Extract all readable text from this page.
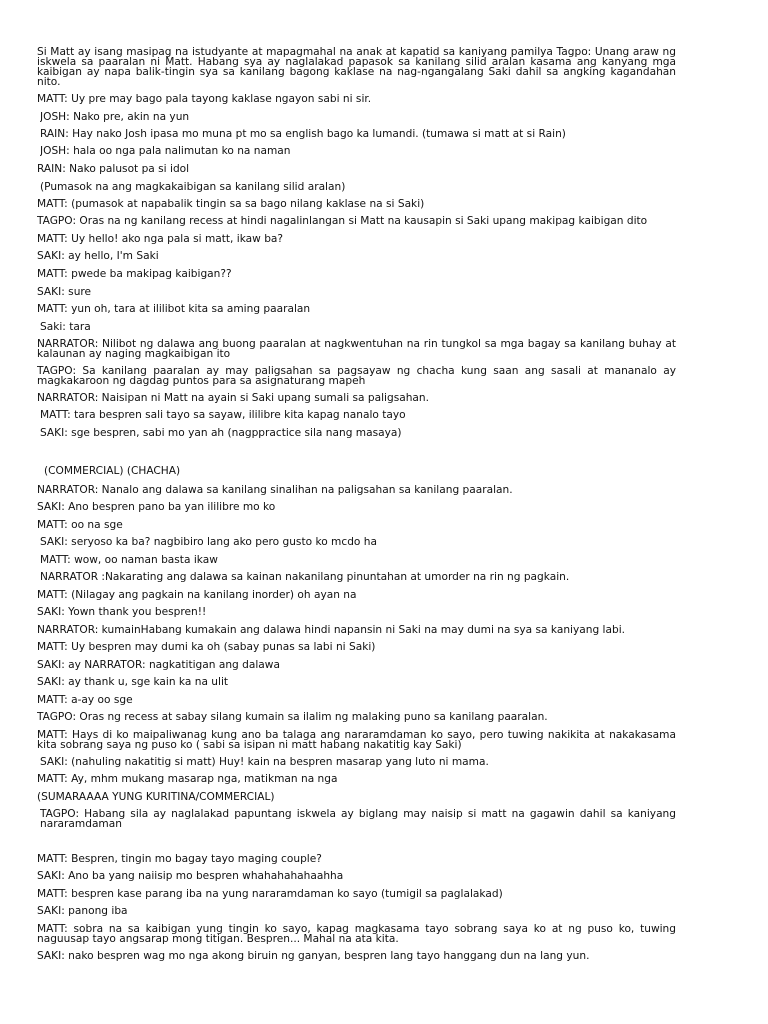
Si Matt ay isang masipag na istudyante at mapagmahal na anak at kapatid sa kaniyang pamilya Tagpo: Unang araw ng iskwela sa paaralan ni Matt. Habang sya ay naglalakad papasok sa kanilang silid aralan kasama ang kanyang mga kaibigan ay napa balik-tingin sya sa kanilang bagong kaklase na nag-ngangalang Saki dahil sa angking kagandahan nito.
MATT: Uy pre may bago pala tayong kaklase ngayon sabi ni sir.
JOSH: Nako pre, akin na yun
RAIN: Hay nako Josh ipasa mo muna pt mo sa english bago ka lumandi. (tumawa si matt at si Rain)
JOSH: hala oo nga pala nalimutan ko na naman
RAIN: Nako palusot pa si idol
(Pumasok na ang magkakaibigan sa kanilang silid aralan)
MATT: (pumasok at napabalik tingin sa sa bago nilang kaklase na si Saki)
TAGPO: Oras na ng kanilang recess at hindi nagalinlangan si Matt na kausapin si Saki upang makipag kaibigan dito
MATT: Uy hello! ako nga pala si matt, ikaw ba?
SAKI: ay hello, I'm Saki
MATT: pwede ba makipag kaibigan??
SAKI: sure
MATT: yun oh, tara at ililibot kita sa aming paaralan
Saki: tara
NARRATOR: Nilibot ng dalawa ang buong paaralan at nagkwentuhan na rin tungkol sa mga bagay sa kanilang buhay at kalaunan ay naging magkaibigan ito
TAGPO: Sa kanilang paaralan ay may paligsahan sa pagsayaw ng chacha kung saan ang sasali at mananalo ay magkakaroon ng dagdag puntos para sa asignaturang mapeh
NARRATOR: Naisipan ni Matt na ayain si Saki upang sumali sa paligsahan.
MATT: tara bespren sali tayo sa sayaw, ililibre kita kapag nanalo tayo
SAKI: sge bespren, sabi mo yan ah (nagppractice sila nang masaya)
(COMMERCIAL) (CHACHA)
NARRATOR: Nanalo ang dalawa sa kanilang sinalihan na paligsahan sa kanilang paaralan.
SAKI: Ano bespren pano ba yan ililibre mo ko
MATT: oo na sge
SAKI: seryoso ka ba? nagbibiro lang ako pero gusto ko mcdo ha
MATT: wow, oo naman basta ikaw
NARRATOR :Nakarating ang dalawa sa kainan nakanilang pinuntahan at umorder na rin ng pagkain.
MATT: (Nilagay ang pagkain na kanilang inorder) oh ayan na
SAKI: Yown thank you bespren!!
NARRATOR: kumainHabang kumakain ang dalawa hindi napansin ni Saki na may dumi na sya sa kaniyang labi.
MATT: Uy bespren may dumi ka oh (sabay punas sa labi ni Saki)
SAKI: ay NARRATOR: nagkatitigan ang dalawa
SAKI: ay thank u, sge kain ka na ulit
MATT: a-ay oo sge
TAGPO: Oras ng recess at sabay silang kumain sa ilalim ng malaking puno sa kanilang paaralan.
MATT: Hays di ko maipaliwanag kung ano ba talaga ang nararamdaman ko sayo, pero tuwing nakikita at nakakasama kita sobrang saya ng puso ko ( sabi sa isipan ni matt habang nakatitig kay Saki)
SAKI: (nahuling nakatitig si matt) Huy! kain na bespren masarap yang luto ni mama.
MATT: Ay, mhm mukang masarap nga, matikman na nga
(SUMARAAAA YUNG KURITINA/COMMERCIAL)
TAGPO: Habang sila ay naglalakad papuntang iskwela ay biglang may naisip si matt na gagawin dahil sa kaniyang nararamdaman
MATT: Bespren, tingin mo bagay tayo maging couple?
SAKI: Ano ba yang naiisip mo bespren whahahahahaahha
MATT: bespren kase parang iba na yung nararamdaman ko sayo (tumigil sa paglalakad)
SAKI: panong iba
MATT: sobra na sa kaibigan yung tingin ko sayo, kapag magkasama tayo sobrang saya ko at ng puso ko, tuwing naguusap tayo angsarap mong titigan. Bespren... Mahal na ata kita.
SAKI: nako bespren wag mo nga akong biruin ng ganyan, bespren lang tayo hanggang dun na lang yun.
